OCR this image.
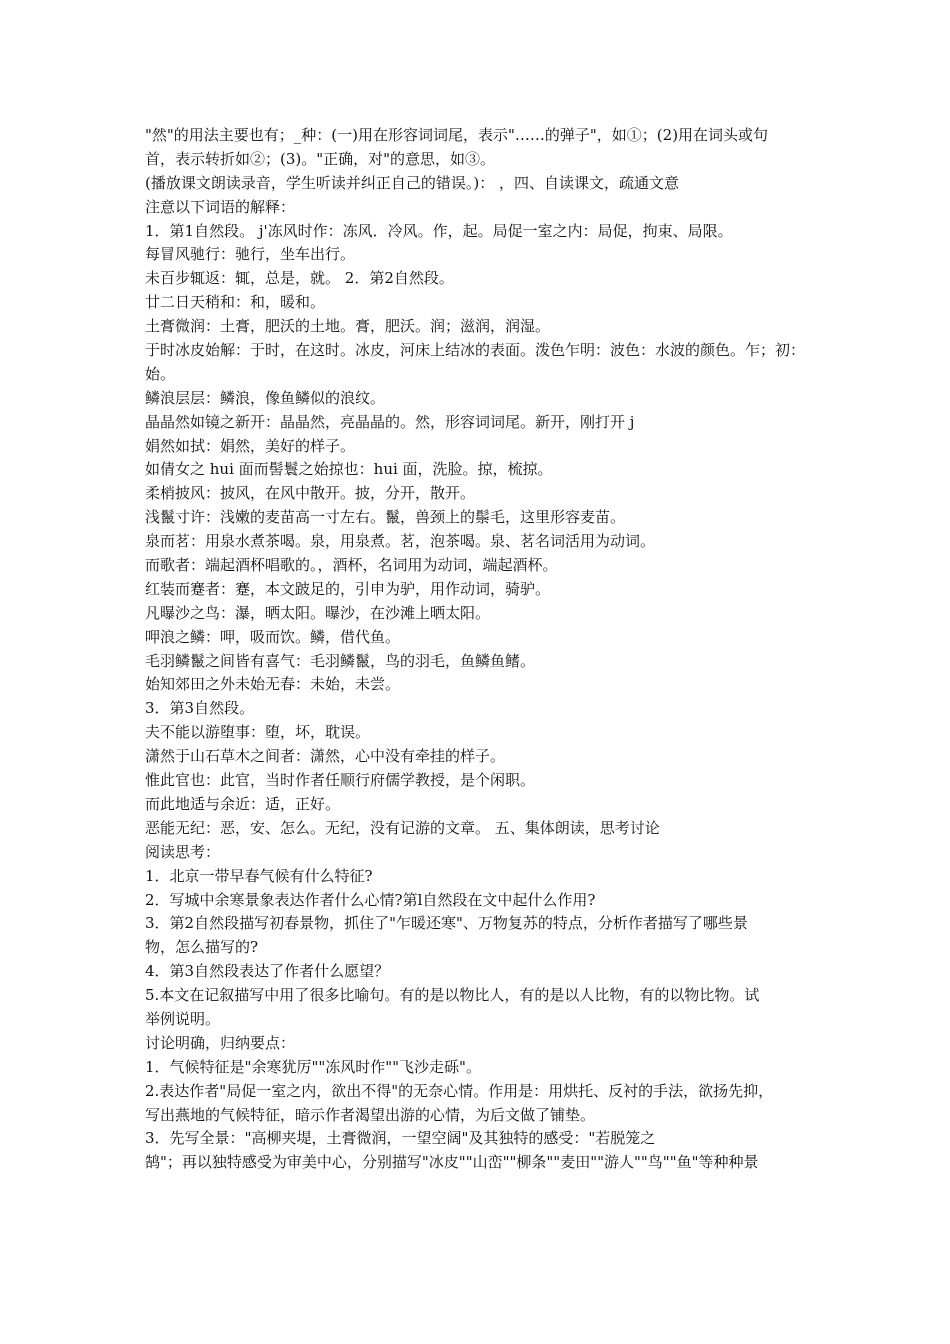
"然"的用法主要也有；_种：(一)用在形容词词尾，表示"……的弹子"，如①；(2)用在词头或句
首，表示转折如②；(3)。"正确，对"的意思，如③。
(播放课文朗读录音，学生听读并纠正自己的错误。)： ，四、自读课文，疏通文意
注意以下词语的解释：
1．第1自然段。 j'冻风时作：冻风．冷风。作，起。局促一室之内：局促，拘束、局限。
每冒风驰行：驰行，坐车出行。
未百步辄返：辄，总是，就。 2．第2自然段。
廿二日天稍和：和，暖和。
土膏微润：土膏，肥沃的土地。膏，肥沃。润；滋润，润湿。
于时冰皮始解：于时，在这时。冰皮，河床上结冰的表面。泼色乍明：波色：水波的颜色。乍；初：
始。
鳞浪层层：鳞浪，像鱼鳞似的浪纹。
晶晶然如镜之新开：晶晶然，亮晶晶的。然，形容词词尾。新开，刚打开 j
娟然如拭：娟然，美好的样子。
如倩女之 hui 面而髻鬟之始掠也：hui 面，洗脸。掠，梳掠。
柔梢披风：披风，在风中散开。披，分开，散开。
浅鬣寸许：浅嫩的麦苗高一寸左右。鬣，兽颈上的鬃毛，这里形容麦苗。
泉而茗：用泉水煮茶喝。泉，用泉煮。茗，泡茶喝。泉、茗名词活用为动词。
而歌者：端起酒杯唱歌的。，酒杯，名词用为动词，端起酒杯。
红装而蹇者：蹇，本文跛足的，引申为驴，用作动词，骑驴。
凡曝沙之鸟：瀑，晒太阳。曝沙，在沙滩上晒太阳。
呷浪之鳞：呷，吸而饮。鳞，借代鱼。
毛羽鳞鬣之间皆有喜气：毛羽鳞鬣，鸟的羽毛，鱼鳞鱼鳍。
始知郊田之外未始无春：未始，未尝。
3．第3自然段。
夫不能以游堕事：堕，坏，耽误。
潇然于山石草木之间者：潇然，心中没有牵挂的样子。
惟此官也：此官，当时作者任顺行府儒学教授，是个闲职。
而此地适与余近：适，正好。
恶能无纪：恶，安、怎么。无纪，没有记游的文章。 五、集体朗读，思考讨论
阅读思考：
1．北京一带早春气候有什么特征?
2．写城中余寒景象表达作者什么心情?第l自然段在文中起什么作用?
3．第2自然段描写初春景物，抓住了"乍暖还寒"、万物复苏的特点，分析作者描写了哪些景
物，怎么描写的?
4．第3自然段表达了作者什么愿望？
5.本文在记叙描写中用了很多比喻句。有的是以物比人，有的是以人比物，有的以物比物。试
举例说明。
讨论明确，归纳要点：
1．气候特征是"余寒犹厉""冻风时作""飞沙走砾"。
2.表达作者"局促一室之内，欲出不得"的无奈心情。作用是：用烘托、反衬的手法，欲扬先抑，
写出燕地的气候特征，暗示作者渴望出游的心情，为后文做了铺垫。
3．先写全景："高柳夹堤，土膏微润，一望空阔"及其独特的感受："若脱笼之
鹄"；再以独特感受为审美中心，分别描写"冰皮""山峦""柳条""麦田""游人""鸟""鱼"等种种景
